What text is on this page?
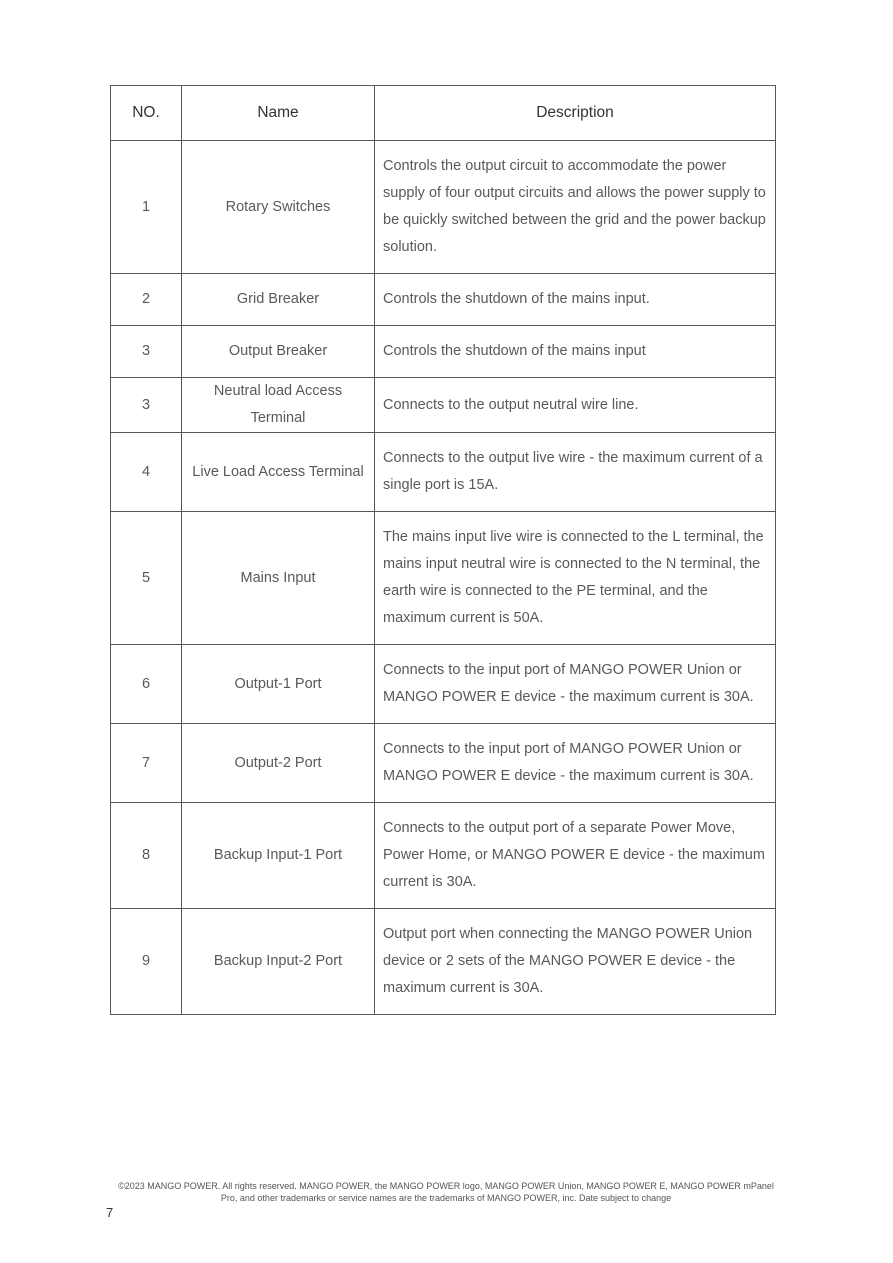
NO.	Name	Description
1	Rotary Switches	Controls the output circuit to accommodate the power supply of four output circuits and allows the power supply to be quickly switched between the grid and the power backup solution.
2	Grid Breaker	Controls the shutdown of the mains input.
3	Output Breaker	Controls the shutdown of the mains input
3	Neutral load Access Terminal	Connects to the output neutral wire line.
4	Live Load Access Terminal	Connects to the output live wire - the maximum current of a single port is 15A.
5	Mains Input	The mains input live wire is connected to the L terminal, the mains input neutral wire is connected to the N terminal, the earth wire is connected to the PE terminal, and the maximum current is 50A.
6	Output-1 Port	Connects to the input port of MANGO POWER Union or MANGO POWER E device - the maximum current is 30A.
7	Output-2 Port	Connects to the input port of MANGO POWER Union or MANGO POWER E device - the maximum current is 30A.
8	Backup Input-1 Port	Connects to the output port of a separate Power Move, Power Home, or MANGO POWER E device - the maximum current is 30A.
9	Backup Input-2 Port	Output port when connecting the MANGO POWER Union device or 2 sets of the MANGO POWER E device - the maximum current is 30A.
©2023 MANGO POWER. All rights reserved. MANGO POWER, the MANGO POWER logo, MANGO POWER Union, MANGO POWER E, MANGO POWER mPanel Pro, and other trademarks or service names are the trademarks of MANGO POWER, inc. Date subject to change
7
